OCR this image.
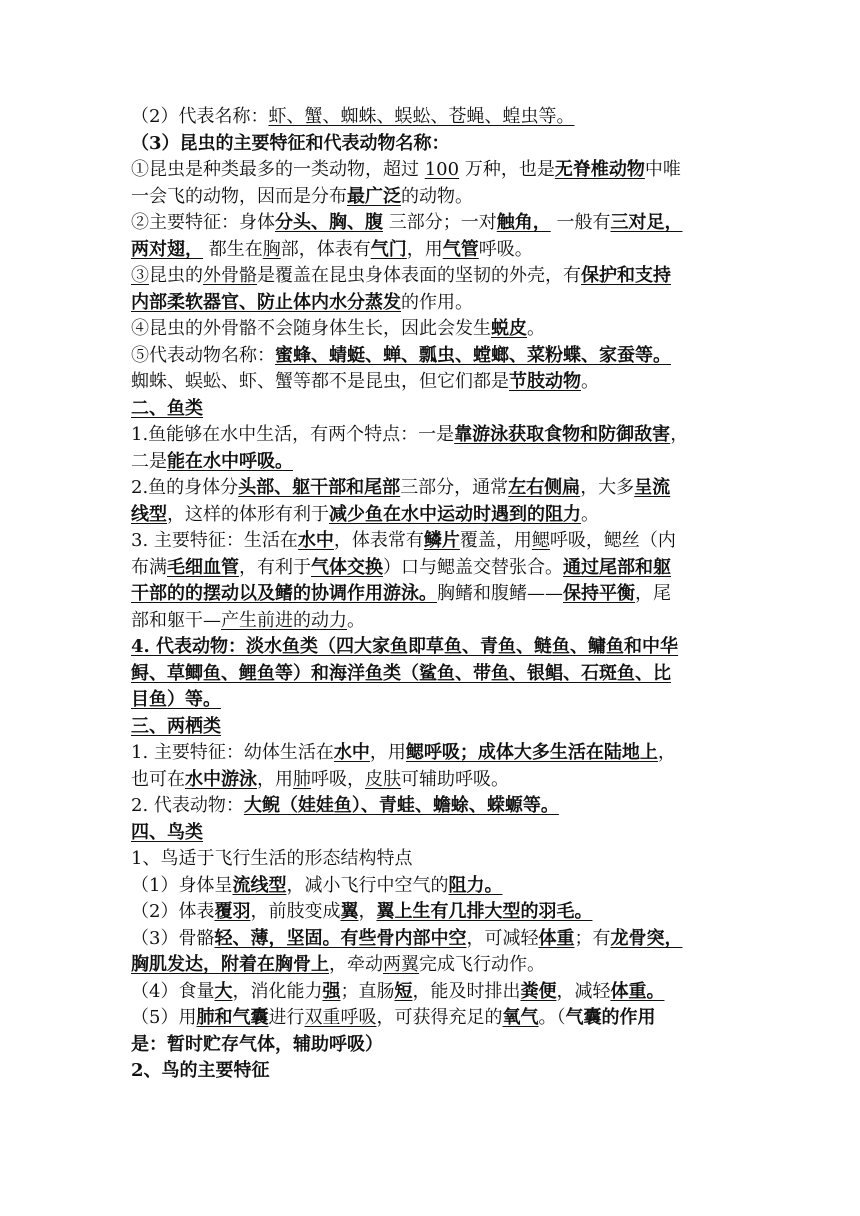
（2）代表名称：虾、蟹、蜘蛛、蜈蚣、苍蝇、蝗虫等。
（3）昆虫的主要特征和代表动物名称：
①昆虫是种类最多的一类动物，超过 100 万种，也是无脊椎动物中唯
一会飞的动物，因而是分布最广泛的动物。
②主要特征：身体分头、胸、腹 三部分；一对触角， 一般有三对足，
两对翅， 都生在胸部，体表有气门，用气管呼吸。
③昆虫的外骨骼是覆盖在昆虫身体表面的坚韧的外壳，有保护和支持
内部柔软器官、防止体内水分蒸发的作用。
④昆虫的外骨骼不会随身体生长，因此会发生蜕皮。
⑤代表动物名称：蜜蜂、蜻蜓、蝉、瓢虫、螳螂、菜粉蝶、家蚕等。
蜘蛛、蜈蚣、虾、蟹等都不是昆虫，但它们都是节肢动物。
二、鱼类
1.鱼能够在水中生活，有两个特点：一是靠游泳获取食物和防御敌害，
二是能在水中呼吸。
2.鱼的身体分头部、躯干部和尾部三部分，通常左右侧扁，大多呈流
线型，这样的体形有利于减少鱼在水中运动时遇到的阻力。
3. 主要特征：生活在水中，体表常有鳞片覆盖，用鳃呼吸，鳃丝（内
布满毛细血管，有利于气体交换）口与鳃盖交替张合。通过尾部和躯
干部的的摆动以及鳍的协调作用游泳。胸鳍和腹鳍——保持平衡，尾
部和躯干—产生前进的动力。
4. 代表动物：淡水鱼类（四大家鱼即草鱼、青鱼、鲢鱼、鳙鱼和中华
鲟、草鲫鱼、鲤鱼等）和海洋鱼类（鲨鱼、带鱼、银鲳、石斑鱼、比
目鱼）等。
三、两栖类
1. 主要特征：幼体生活在水中，用鳃呼吸；成体大多生活在陆地上，
也可在水中游泳，用肺呼吸，皮肤可辅助呼吸。
2. 代表动物：大鲵（娃娃鱼）、青蛙、蟾蜍、蝾螈等。
四、鸟类
1、鸟适于飞行生活的形态结构特点
（1）身体呈流线型，减小飞行中空气的阻力。
（2）体表覆羽，前肢变成翼，翼上生有几排大型的羽毛。
（3）骨骼轻、薄，坚固。有些骨内部中空，可减轻体重；有龙骨突，
胸肌发达，附着在胸骨上，牵动两翼完成飞行动作。
（4）食量大，消化能力强；直肠短，能及时排出粪便，减轻体重。
（5）用肺和气囊进行双重呼吸，可获得充足的氧气。（气囊的作用
是：暂时贮存气体，辅助呼吸）
2、鸟的主要特征
